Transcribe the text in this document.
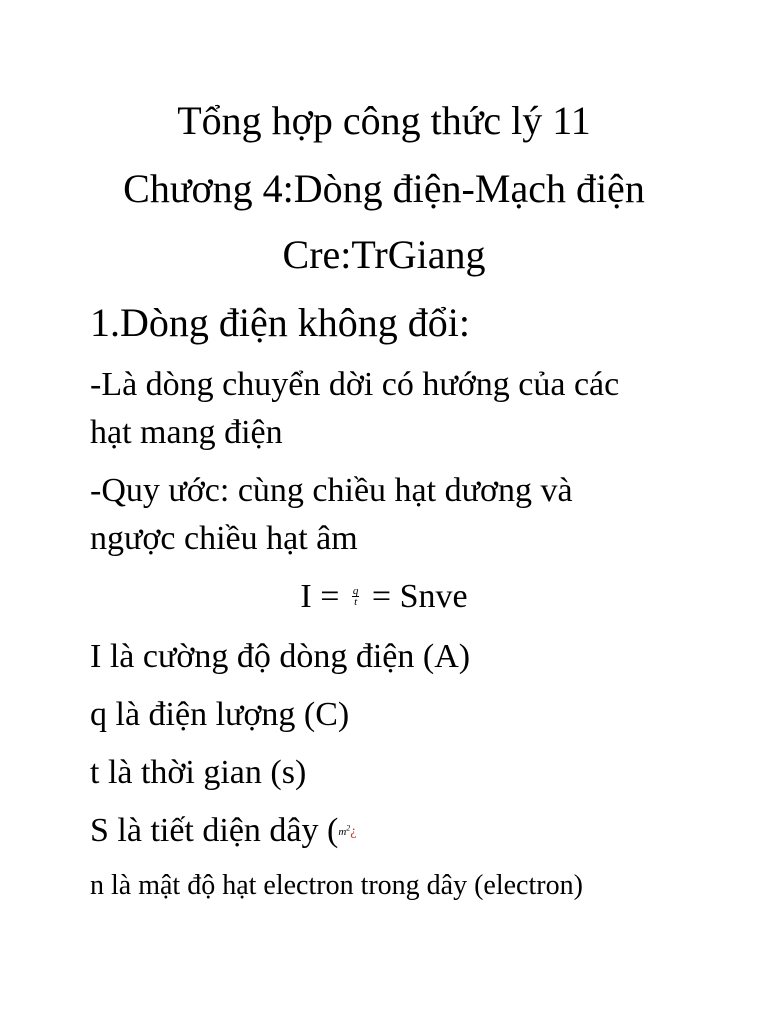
Tổng hợp công thức lý 11
Chương 4:Dòng điện-Mạch điện
Cre:TrGiang
1.Dòng điện không đổi:
-Là dòng chuyển dời có hướng của các
hạt mang điện
-Quy ước: cùng chiều hạt dương và
ngược chiều hạt âm
$I = \frac{q}{t}$ = Snve
I là cường độ dòng điện (A)
q là điện lượng (C)
t là thời gian (s)
S là tiết diện dây ($m^2¿$
n là mật độ hạt electron trong dây (electron)
